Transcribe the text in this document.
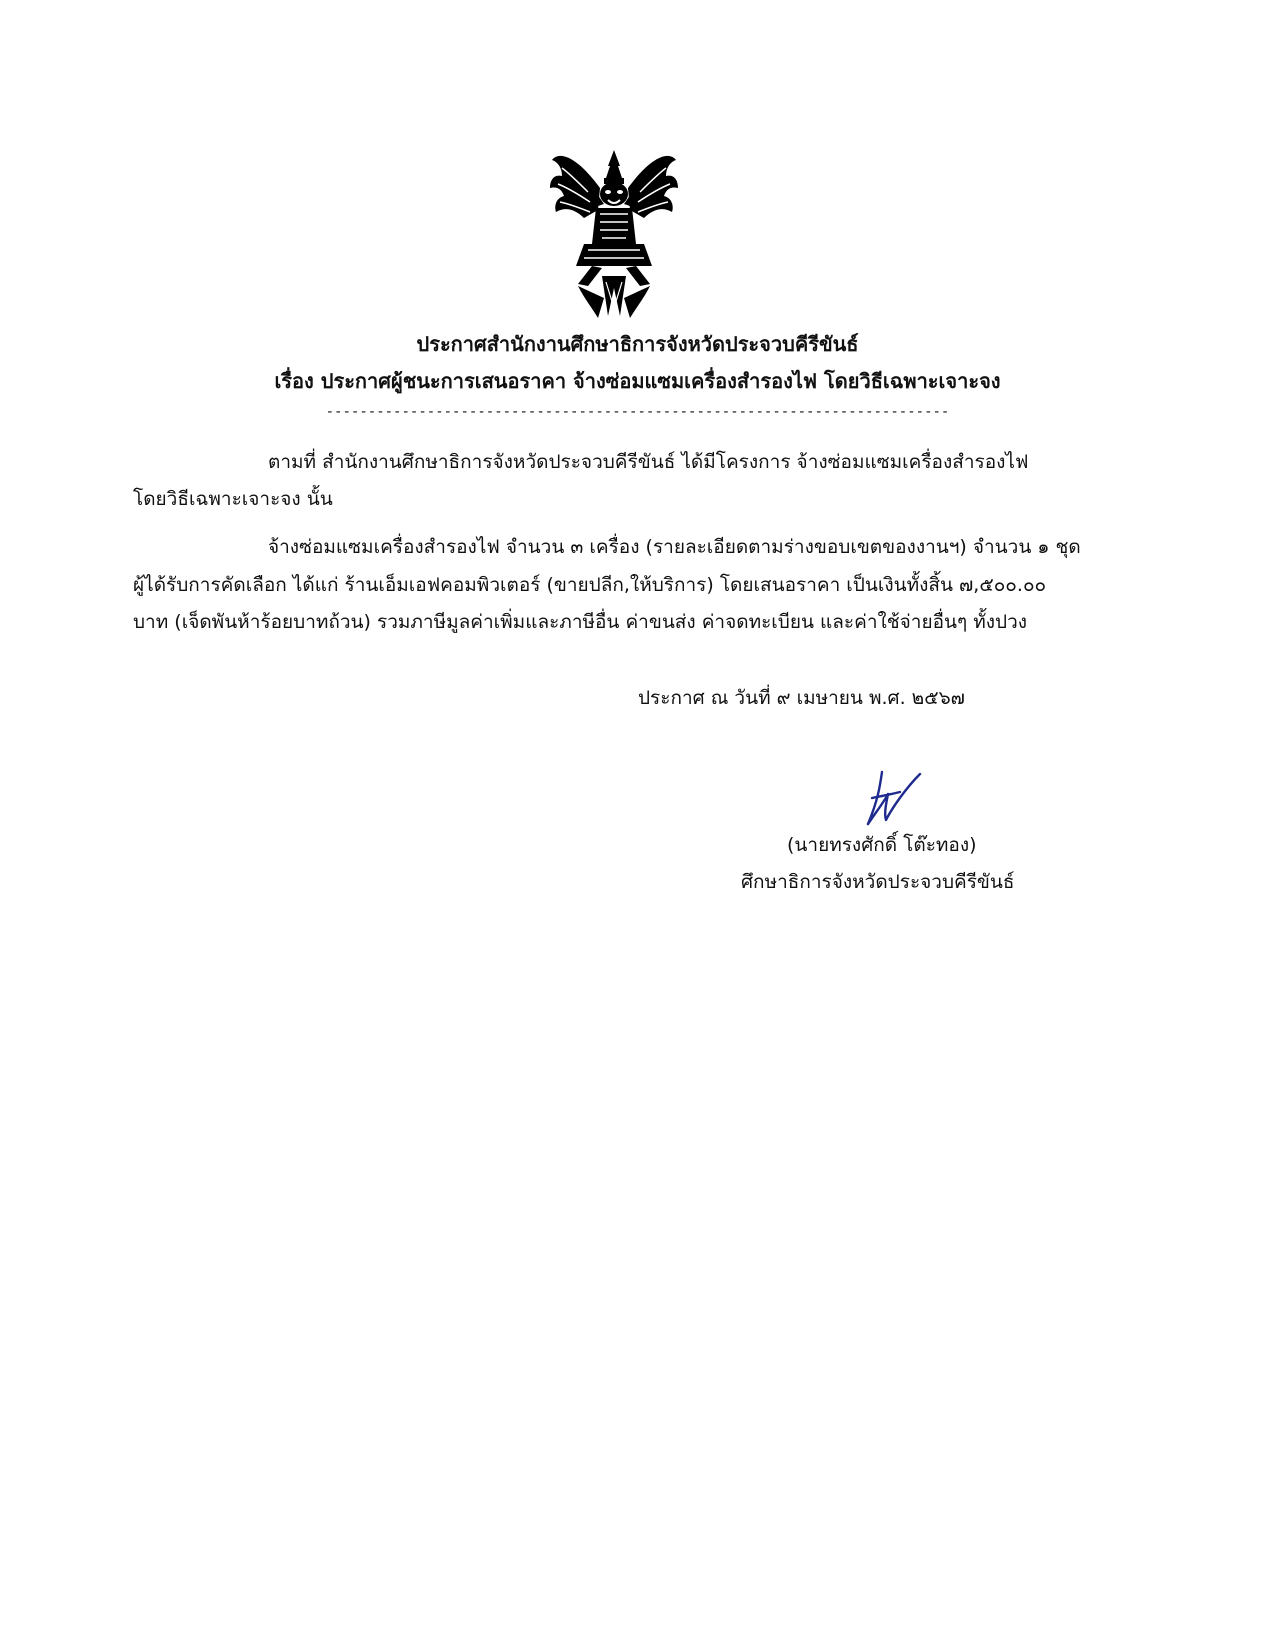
ประกาศสำนักงานศึกษาธิการจังหวัดประจวบคีรีขันธ์
เรื่อง ประกาศผู้ชนะการเสนอราคา จ้างซ่อมแซมเครื่องสำรองไฟ โดยวิธีเฉพาะเจาะจง
--------------------------------------------------------------------------
ตามที่ สำนักงานศึกษาธิการจังหวัดประจวบคีรีขันธ์ ได้มีโครงการ จ้างซ่อมแซมเครื่องสำรองไฟ
โดยวิธีเฉพาะเจาะจง นั้น
จ้างซ่อมแซมเครื่องสำรองไฟ จำนวน ๓ เครื่อง (รายละเอียดตามร่างขอบเขตของงานฯ) จำนวน ๑ ชุด
ผู้ได้รับการคัดเลือก ได้แก่ ร้านเอ็มเอฟคอมพิวเตอร์ (ขายปลีก,ให้บริการ) โดยเสนอราคา เป็นเงินทั้งสิ้น ๗,๕๐๐.๐๐
บาท (เจ็ดพันห้าร้อยบาทถ้วน) รวมภาษีมูลค่าเพิ่มและภาษีอื่น ค่าขนส่ง ค่าจดทะเบียน และค่าใช้จ่ายอื่นๆ ทั้งปวง
ประกาศ ณ วันที่ ๙ เมษายน พ.ศ. ๒๕๖๗
(นายทรงศักดิ์ โต๊ะทอง)
ศึกษาธิการจังหวัดประจวบคีรีขันธ์
